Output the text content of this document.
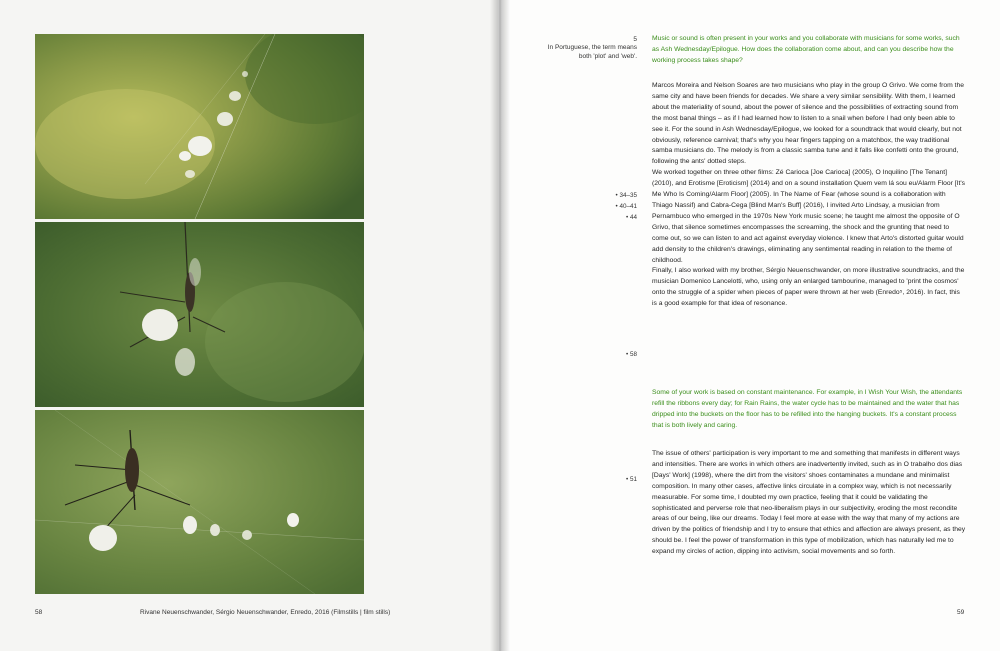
58	Rivane Neuenschwander, Sérgio Neuenschwander, Enredo, 2016 (Filmstills | film stills)
5
In Portuguese, the term means both 'plot' and 'web'.
• 34–35
• 40–41
• 44
• 58
• 51

Music or sound is often present in your works and you collaborate with musicians for some works, such as Ash Wednesday/Epilogue. How does the collaboration come about, and can you describe how the working process takes shape?

Marcos Moreira and Nelson Soares are two musicians who play in the group O Grivo. We come from the same city and have been friends for decades. We share a very similar sensibility. With them, I learned about the materiality of sound, about the power of silence and the possibilities of extracting sound from the most banal things – as if I had learned how to listen to a snail when before I had only been able to see it. For the sound in Ash Wednesday/Epilogue, we looked for a soundtrack that would clearly, but not obviously, reference carnival; that's why you hear fingers tapping on a matchbox, the way traditional samba musicians do. The melody is from a classic samba tune and it falls like confetti onto the ground, following the ants' dotted steps.

We worked together on three other films: Zé Carioca [Joe Carioca] (2005), O Inquilino [The Tenant] (2010), and Erotisme [Eroticism] (2014) and on a sound installation Quem vem lá sou eu/Alarm Floor [It's Me Who Is Coming/Alarm Floor] (2005). In The Name of Fear (whose sound is a collaboration with Thiago Nassif) and Cabra-Cega [Blind Man's Buff] (2016), I invited Arto Lindsay, a musician from Pernambuco who emerged in the 1970s New York music scene; he taught me almost the opposite of O Grivo, that silence sometimes encompasses the screaming, the shock and the grunting that need to come out, so we can listen to and act against everyday violence. I knew that Arto's distorted guitar would add density to the children's drawings, eliminating any sentimental reading in relation to the theme of childhood.

Finally, I also worked with my brother, Sérgio Neuenschwander, on more illustrative soundtracks, and the musician Domenico Lancelotti, who, using only an enlarged tambourine, managed to 'print the cosmos' onto the struggle of a spider when pieces of paper were thrown at her web (Enredo⁵, 2016). In fact, this is a good example for that idea of resonance.

Some of your work is based on constant maintenance. For example, in I Wish Your Wish, the attendants refill the ribbons every day; for Rain Rains, the water cycle has to be maintained and the water that has dripped into the buckets on the floor has to be refilled into the hanging buckets. It's a constant process that is both lively and caring.

The issue of others' participation is very important to me and something that manifests in different ways and intensities. There are works in which others are inadvertently invited, such as in O trabalho dos dias [Days' Work] (1998), where the dirt from the visitors' shoes contaminates a mundane and minimalist composition. In many other cases, affective links circulate in a complex way, which is not necessarily measurable. For some time, I doubted my own practice, feeling that it could be validating the sophisticated and perverse role that neo-liberalism plays in our subjectivity, eroding the most recondite areas of our being, like our dreams. Today I feel more at ease with the way that many of my actions are driven by the politics of friendship and I try to ensure that ethics and affection are always present, as they should be. I feel the power of transformation in this type of mobilization, which has naturally led me to expand my circles of action, dipping into activism, social movements and so forth.

59
